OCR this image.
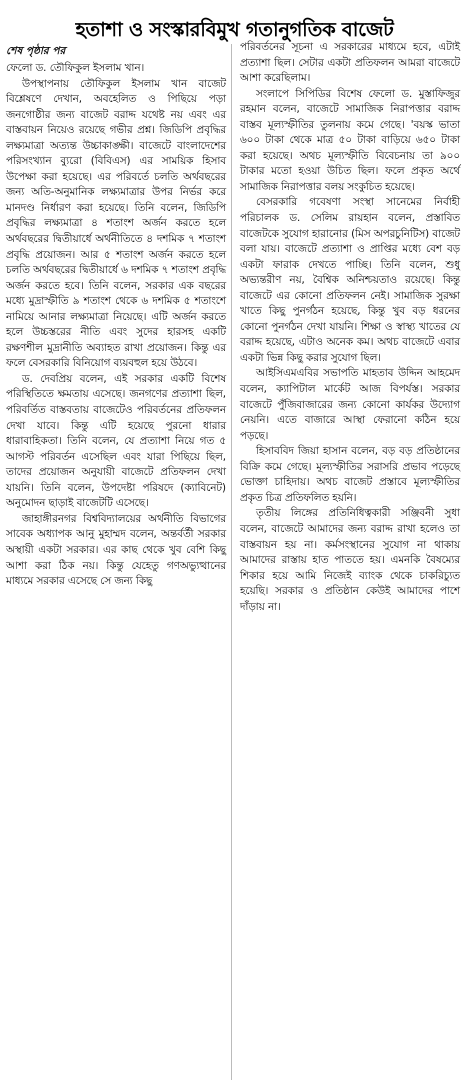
হতাশা ও সংস্কারবিমুখ গতানুগতিক বাজেট
শেষ পৃষ্ঠার পর

ফেলো ড. তৌফিকুল ইসলাম খান।

উপস্থাপনায় তৌফিকুল ইসলাম খান বাজেট বিশ্লেষণে দেখান, অবহেলিত ও পিছিয়ে পড়া জনগোষ্ঠীর জন্য বাজেট বরাদ্দ যথেষ্ট নয় এবং এর বাস্তবায়ন নিয়েও রয়েছে গভীর প্রশ্ন। জিডিপি প্রবৃদ্ধির লক্ষ্যমাত্রা অত্যন্ত উচ্চাকাঙ্ক্ষী। বাজেটে বাংলাদেশের পরিসংখ্যান ব্যুরো (বিবিএস) এর সাময়িক হিসাব উপেক্ষা করা হয়েছে। এর পরিবর্তে চলতি অর্থবছরের জন্য অতি-অনুমানিক লক্ষ্যমাত্রার উপর নির্ভর করে মানদণ্ড নির্ধারণ করা হয়েছে। তিনি বলেন, জিডিপি প্রবৃদ্ধির লক্ষ্যমাত্রা ৪ শতাংশ অর্জন করতে হলে অর্থবছরের দ্বিতীয়ার্ধে অর্থনীতিতে ৪ দশমিক ৭ শতাংশ প্রবৃদ্ধি প্রয়োজন। আর ৫ শতাংশ অর্জন করতে হলে চলতি অর্থবছরের দ্বিতীয়ার্ধে ৬ দশমিক ৭ শতাংশ প্রবৃদ্ধি অর্জন করতে হবে। তিনি বলেন, সরকার এক বছরের মধ্যে মুদ্রাস্ফীতি ৯ শতাংশ থেকে ৬ দশমিক ৫ শতাংশে নামিয়ে আনার লক্ষ্যমাত্রা নিয়েছে। এটি অর্জন করতে হলে উচ্চস্তরের নীতি এবং সুদের হারসহ একটি রক্ষণশীল মুদ্রানীতি অব্যাহত রাখা প্রয়োজন। কিন্তু এর ফলে বেসরকারি বিনিয়োগ ব্যয়বহুল হয়ে উঠবে।

ড. দেবপ্রিয় বলেন, এই সরকার একটি বিশেষ পরিস্থিতিতে ক্ষমতায় এসেছে। জনগণের প্রত্যাশা ছিল, পরিবর্তিত বাস্তবতায় বাজেটেও পরিবর্তনের প্রতিফলন দেখা যাবে। কিন্তু এটি হয়েছে পুরনো ধারার ধারাবাহিকতা। তিনি বলেন, যে প্রত্যাশা নিয়ে গত ৫ আগস্ট পরিবর্তন এসেছিল এবং যারা পিছিয়ে ছিল, তাদের প্রয়োজন অনুযায়ী বাজেটে প্রতিফলন দেখা যায়নি। তিনি বলেন, উপদেষ্টা পরিষদে (ক্যাবিনেট) অনুমোদন ছাড়াই বাজেটটি এসেছে।

জাহাঙ্গীরনগর বিশ্ববিদ্যালয়ের অর্থনীতি বিভাগের সাবেক অধ্যাপক আনু মুহাম্মদ বলেন, অন্তর্বর্তী সরকার অস্থায়ী একটা সরকার। এর কাছ থেকে খুব বেশি কিছু আশা করা ঠিক নয়। কিন্তু যেহেতু গণঅভ্যুত্থানের মাধ্যমে সরকার এসেছে সে জন্য কিছু

পরিবর্তনের সূচনা এ সরকারের মাধ্যমে হবে, এটাই প্রত্যাশা ছিল। সেটার একটা প্রতিফলন আমরা বাজেটে আশা করেছিলাম।

সংলাপে সিপিডির বিশেষ ফেলো ড. মুস্তাফিজুর রহমান বলেন, বাজেটে সামাজিক নিরাপত্তার বরাদ্দ বাস্তব মূল্যস্ফীতির তুলনায় কমে গেছে। 'বয়স্ক ভাতা ৬০০ টাকা থেকে মাত্র ৫০ টাকা বাড়িয়ে ৬৫০ টাকা করা হয়েছে। অথচ মূল্যস্ফীতি বিবেচনায় তা ৯০০ টাকার মতো হওয়া উচিত ছিল। ফলে প্রকৃত অর্থে সামাজিক নিরাপত্তার বলয় সংকুচিত হয়েছে।

বেসরকারি গবেষণা সংস্থা সানেমের নির্বাহী পরিচালক ড. সেলিম রায়হান বলেন, প্রস্তাবিত বাজেটকে সুযোগ হারানোর (মিস অপরচুনিটিস) বাজেট বলা যায়। বাজেটে প্রত্যাশা ও প্রাপ্তির মধ্যে বেশ বড় একটা ফারাক দেখতে পাচ্ছি। তিনি বলেন, শুধু অভ্যন্তরীণ নয়, বৈশ্বিক অনিশ্চয়তাও রয়েছে। কিন্তু বাজেটে এর কোনো প্রতিফলন নেই। সামাজিক সুরক্ষা খাতে কিছু পুনর্গঠন হয়েছে, কিন্তু খুব বড় ধরনের কোনো পুনর্গঠন দেখা যায়নি। শিক্ষা ও স্বাস্থ্য খাতের যে বরাদ্দ হয়েছে, এটাও অনেক কম। অথচ বাজেটে এবার একটা ভিন্ন কিছু করার সুযোগ ছিল।

আইসিএমএবির সভাপতি মাহতাব উদ্দিন আহমেদ বলেন, ক্যাপিটাল মার্কেট আজ বিপর্যস্ত। সরকার বাজেটে পুঁজিবাজারের জন্য কোনো কার্যকর উদ্যোগ নেয়নি। এতে বাজারে আস্থা ফেরানো কঠিন হয়ে পড়ছে।

হিসাববিদ জিয়া হাসান বলেন, বড় বড় প্রতিষ্ঠানের বিক্রি কমে গেছে। মূল্যস্ফীতির সরাসরি প্রভাব পড়েছে ভোক্তা চাহিদায়। অথচ বাজেট প্রস্তাবে মূল্যস্ফীতির প্রকৃত চিত্র প্রতিফলিত হয়নি।

তৃতীয় লিঙ্গের প্রতিনিধিত্বকারী সঞ্জিবনী সুধা বলেন, বাজেটে আমাদের জন্য বরাদ্দ রাখা হলেও তা বাস্তবায়ন হয় না। কর্মসংস্থানের সুযোগ না থাকায় আমাদের রাস্তায় হাত পাততে হয়। এমনকি বৈষম্যের শিকার হয়ে আমি নিজেই ব্যাংক থেকে চাকরিচ্যুত হয়েছি। সরকার ও প্রতিষ্ঠান কেউই আমাদের পাশে দাঁড়ায় না।
